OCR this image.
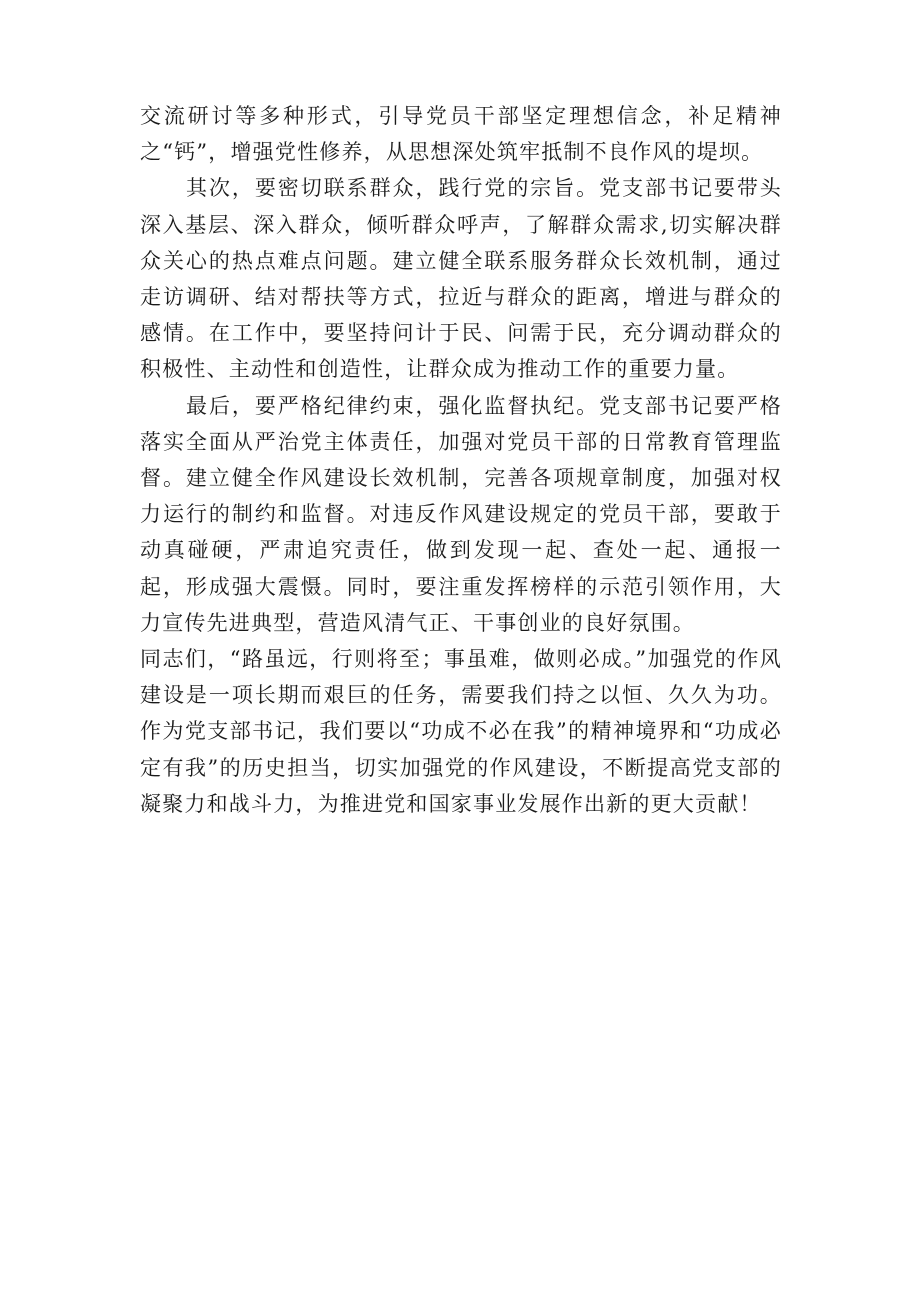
交流研讨等多种形式，引导党员干部坚定理想信念，补足精神之“钙”，增强党性修养，从思想深处筑牢抵制不良作风的堤坝。

其次，要密切联系群众，践行党的宗旨。党支部书记要带头深入基层、深入群众，倾听群众呼声，了解群众需求,切实解决群众关心的热点难点问题。建立健全联系服务群众长效机制，通过走访调研、结对帮扶等方式，拉近与群众的距离，增进与群众的感情。在工作中，要坚持问计于民、问需于民，充分调动群众的积极性、主动性和创造性，让群众成为推动工作的重要力量。

最后，要严格纪律约束，强化监督执纪。党支部书记要严格落实全面从严治党主体责任，加强对党员干部的日常教育管理监督。建立健全作风建设长效机制，完善各项规章制度，加强对权力运行的制约和监督。对违反作风建设规定的党员干部，要敢于动真碰硬，严肃追究责任，做到发现一起、查处一起、通报一起，形成强大震慑。同时，要注重发挥榜样的示范引领作用，大力宣传先进典型，营造风清气正、干事创业的良好氛围。

同志们，“路虽远，行则将至；事虽难，做则必成。”加强党的作风建设是一项长期而艰巨的任务，需要我们持之以恒、久久为功。作为党支部书记，我们要以“功成不必在我”的精神境界和“功成必定有我”的历史担当，切实加强党的作风建设，不断提高党支部的凝聚力和战斗力，为推进党和国家事业发展作出新的更大贡献！
